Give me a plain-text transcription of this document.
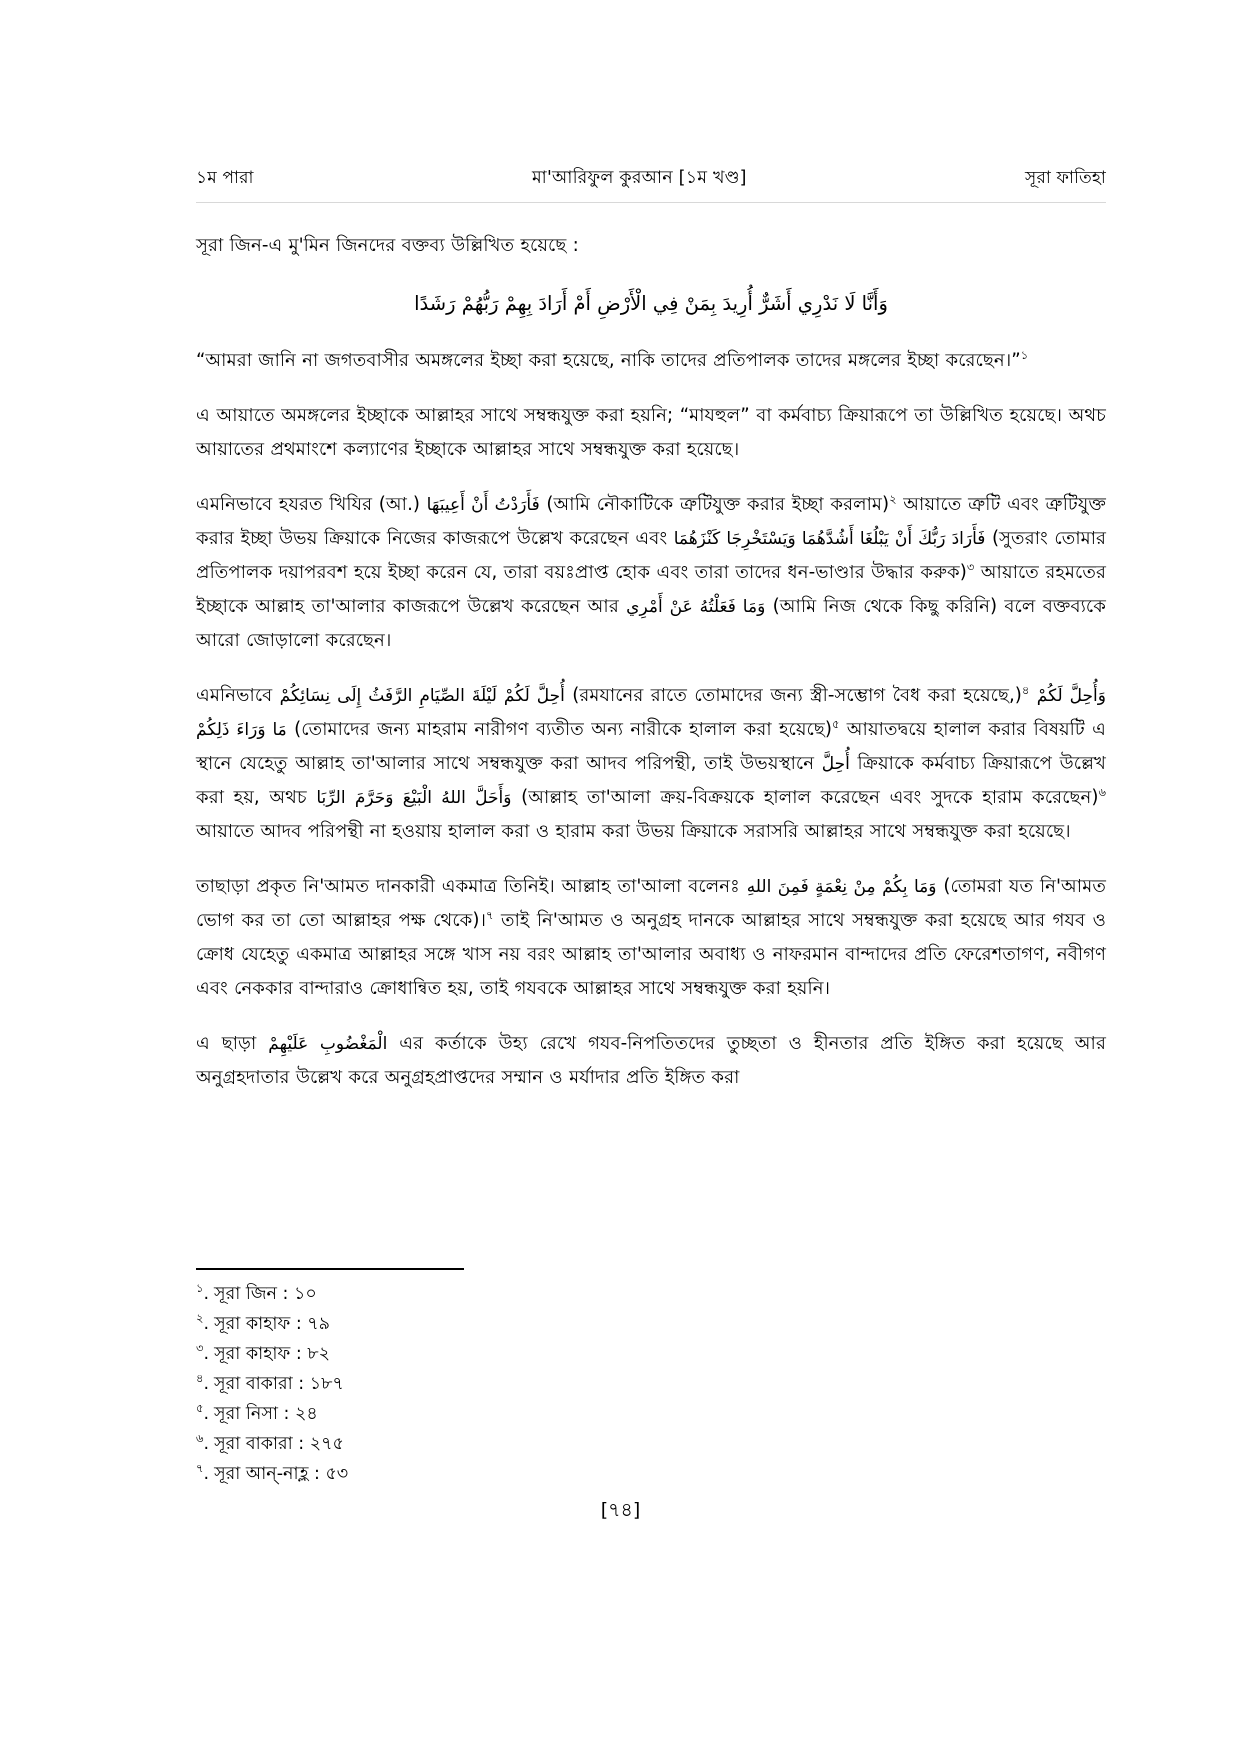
১ম পারা	মা'আরিফুল কুরআন [১ম খণ্ড]	সূরা ফাতিহা

সূরা জিন-এ মু'মিন জিনদের বক্তব্য উল্লিখিত হয়েছে :

وَأَنَّا لَا نَدْرِي أَشَرٌّ أُرِيدَ بِمَنْ فِي الْأَرْضِ أَمْ أَرَادَ بِهِمْ رَبُّهُمْ رَشَدًا

“আমরা জানি না জগতবাসীর অমঙ্গলের ইচ্ছা করা হয়েছে, নাকি তাদের প্রতিপালক তাদের মঙ্গলের ইচ্ছা করেছেন।”$^১$

এ আয়াতে অমঙ্গলের ইচ্ছাকে আল্লাহর সাথে সম্বন্ধযুক্ত করা হয়নি; “মাযহুল” বা কর্মবাচ্য ক্রিয়ারূপে তা উল্লিখিত হয়েছে। অথচ আয়াতের প্রথমাংশে কল্যাণের ইচ্ছাকে আল্লাহর সাথে সম্বন্ধযুক্ত করা হয়েছে।

এমনিভাবে হযরত খিযির (আ.) فَأَرَدْتُ أَنْ أَعِيبَهَا (আমি নৌকাটিকে ত্রুটিযুক্ত করার ইচ্ছা করলাম)$^২$ আয়াতে ত্রুটি এবং ত্রুটিযুক্ত করার ইচ্ছা উভয় ক্রিয়াকে নিজের কাজরূপে উল্লেখ করেছেন এবং فَأَرَادَ رَبُّكَ أَنْ يَبْلُغَا أَشُدَّهُمَا وَيَسْتَخْرِجَا كَنْزَهُمَا (সুতরাং তোমার প্রতিপালক দয়াপরবশ হয়ে ইচ্ছা করেন যে, তারা বয়ঃপ্রাপ্ত হোক এবং তারা তাদের ধন-ভাণ্ডার উদ্ধার করুক)$^৩$ আয়াতে রহমতের ইচ্ছাকে আল্লাহ তা'আলার কাজরূপে উল্লেখ করেছেন আর وَمَا فَعَلْتُهُ عَنْ أَمْرِي (আমি নিজ থেকে কিছু করিনি) বলে বক্তব্যকে আরো জোড়ালো করেছেন।

এমনিভাবে أُحِلَّ لَكُمْ لَيْلَةَ الصِّيَامِ الرَّفَثُ إِلَى نِسَائِكُمْ (রমযানের রাতে তোমাদের জন্য স্ত্রী-সম্ভোগ বৈধ করা হয়েছে,)$^৪$ وَأُحِلَّ لَكُمْ مَا وَرَاءَ ذَلِكُمْ (তোমাদের জন্য মাহরাম নারীগণ ব্যতীত অন্য নারীকে হালাল করা হয়েছে)$^৫$ আয়াতদ্বয়ে হালাল করার বিষয়টি এ স্থানে যেহেতু আল্লাহ তা'আলার সাথে সম্বন্ধযুক্ত করা আদব পরিপন্থী, তাই উভয়স্থানে أُحِلَّ ক্রিয়াকে কর্মবাচ্য ক্রিয়ারূপে উল্লেখ করা হয়, অথচ وَأَحَلَّ اللهُ الْبَيْعَ وَحَرَّمَ الرِّبَا (আল্লাহ তা'আলা ক্রয়-বিক্রয়কে হালাল করেছেন এবং সুদকে হারাম করেছেন)$^৬$ আয়াতে আদব পরিপন্থী না হওয়ায় হালাল করা ও হারাম করা উভয় ক্রিয়াকে সরাসরি আল্লাহর সাথে সম্বন্ধযুক্ত করা হয়েছে।

তাছাড়া প্রকৃত নি'আমত দানকারী একমাত্র তিনিই। আল্লাহ তা'আলা বলেনঃ وَمَا بِكُمْ مِنْ نِعْمَةٍ فَمِنَ اللهِ (তোমরা যত নি'আমত ভোগ কর তা তো আল্লাহর পক্ষ থেকে)।$^৭$ তাই নি'আমত ও অনুগ্রহ দানকে আল্লাহর সাথে সম্বন্ধযুক্ত করা হয়েছে আর গযব ও ক্রোধ যেহেতু একমাত্র আল্লাহর সঙ্গে খাস নয় বরং আল্লাহ তা'আলার অবাধ্য ও নাফরমান বান্দাদের প্রতি ফেরেশতাগণ, নবীগণ এবং নেককার বান্দারাও ক্রোধান্বিত হয়, তাই গযবকে আল্লাহর সাথে সম্বন্ধযুক্ত করা হয়নি।

এ ছাড়া الْمَغْضُوبِ عَلَيْهِمْ এর কর্তাকে উহ্য রেখে গযব-নিপতিতদের তুচ্ছতা ও হীনতার প্রতি ইঙ্গিত করা হয়েছে আর অনুগ্রহদাতার উল্লেখ করে অনুগ্রহপ্রাপ্তদের সম্মান ও মর্যাদার প্রতি ইঙ্গিত করা

$^১$. সূরা জিন : ১০
$^২$. সূরা কাহাফ : ৭৯
$^৩$. সূরা কাহাফ : ৮২
$^৪$. সূরা বাকারা : ১৮৭
$^৫$. সূরা নিসা : ২৪
$^৬$. সূরা বাকারা : ২৭৫
$^৭$. সূরা আন্-নাহ্ল : ৫৩
[৭৪]
